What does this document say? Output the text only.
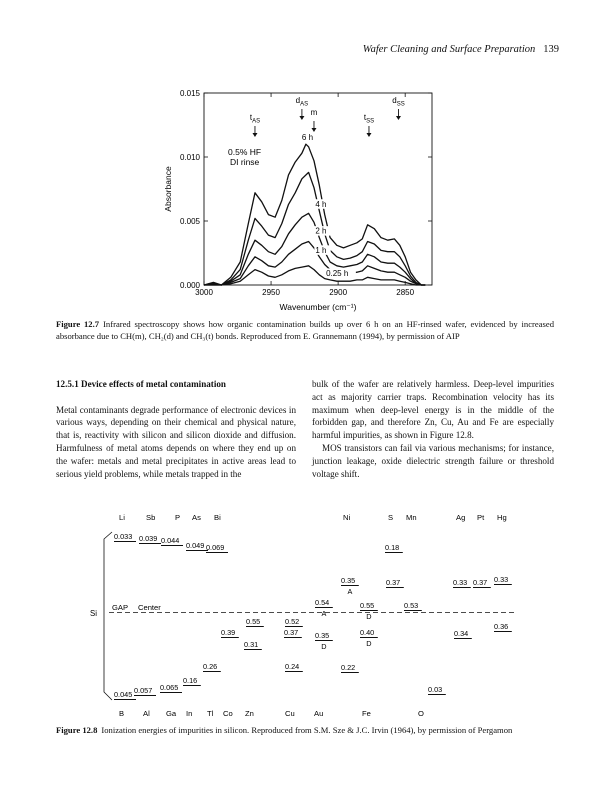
Wafer Cleaning and Surface Preparation 139
0.000
0.005
0.010
0.015
3000	2950	2900	2850
Wavenumber (cm⁻¹)
Absorbance
6 h
4 h
2 h
1 h
0.25 h
$t_{AS}$
$d_{AS}$
m
$t_{SS}$
$d_{SS}$
0.5% HF
DI rinse
Figure 12.7 Infrared spectroscopy shows how organic contamination builds up over 6 h on an HF-rinsed wafer, evidenced by increased absorbance due to CH(m), CH₂(d) and CH₃(t) bonds. Reproduced from E. Grannemann (1994), by permission of AIP

12.5.1 Device effects of metal contamination

Metal contaminants degrade performance of electronic devices in various ways, depending on their chemical and physical nature, that is, reactivity with silicon and silicon dioxide and diffusion. Harmfulness of metal atoms depends on where they end up on the wafer: metals and metal precipitates in active areas lead to serious yield problems, while metals trapped in the

bulk of the wafer are relatively harmless. Deep-level impurities act as majority carrier traps. Recombination velocity has its maximum when deep-level energy is in the middle of the forbidden gap, and therefore Zn, Cu, Au and Fe are especially harmful impurities, as shown in Figure 12.8.

MOS transistors can fail via various mechanisms; for instance, junction leakage, oxide dielectric strength failure or threshold voltage shift.

Li	Sb	P As Bi	Ni	S Mn	Ag Pt Hg
B Al Ga In Tl Co Zn	Cu	Au	Fe	O
Si
GAP Center
0.033 0.039 0.044
0.049 0.069	0.18
0.35
A
0.37	0.33 0.37 0.33
0.54
A
0.55
D
0.53
0.55	0.52
0.36
0.39	0.37 0.35
D
0.40
D
0.34
0.31
0.26	0.24	0.22
0.16
0.065
0.057
0.045
0.03
Figure 12.8 Ionization energies of impurities in silicon. Reproduced from S.M. Sze & J.C. Irvin (1964), by permission of Pergamon
